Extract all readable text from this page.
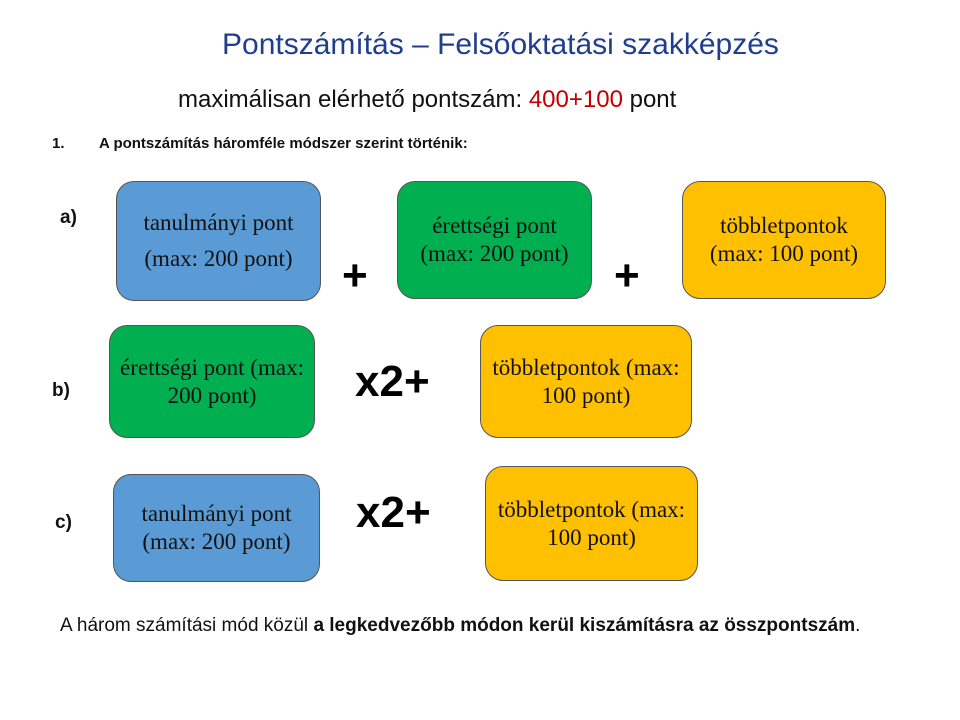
Pontszámítás – Felsőoktatási szakképzés
maximálisan elérhető pontszám: 400+100 pont
1. A pontszámítás háromféle módszer szerint történik:
a)	tanulmányi pont (max: 200 pont)	+
érettségi pont (max: 200 pont)	+
többletpontok (max: 100 pont)
b)
érettségi pont (max: 200 pont)	x2+	többletpontok (max: 100 pont)
c)	tanulmányi pont (max: 200 pont)
x2+	többletpontok (max: 100 pont)
A három számítási mód közül a legkedvezőbb módon kerül kiszámításra az összpontszám.
